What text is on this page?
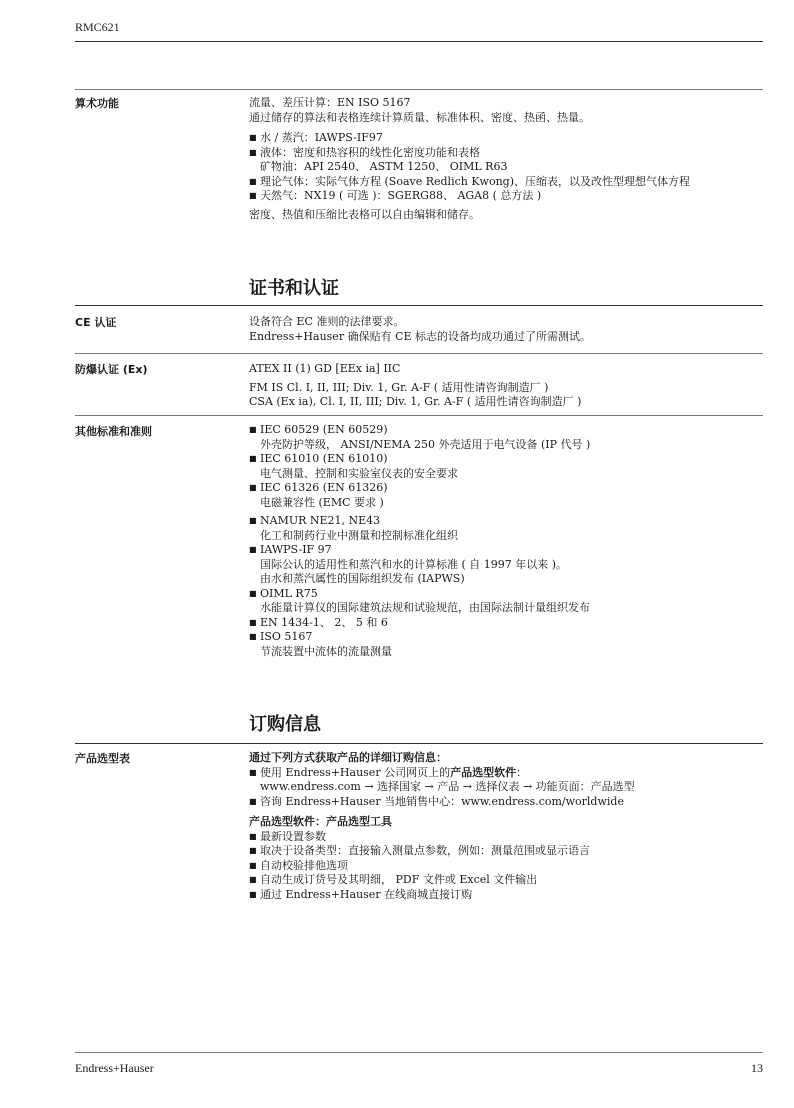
RMC621
算术功能	流量、差压计算：EN ISO 5167

通过储存的算法和表格连续计算质量、标准体积、密度、热函、热量。

■ 水 / 蒸汽：IAWPS-IF97
■ 液体：密度和热容积的线性化密度功能和表格
矿物油：API 2540、 ASTM 1250、 OIML R63
■ 理论气体：实际气体方程 (Soave Redlich Kwong)、压缩表，以及改性型理想气体方程
■ 天然气：NX19 ( 可选 )：SGERG88、 AGA8 ( 总方法 )

密度、热值和压缩比表格可以自由编辑和储存。

证书和认证
CE 认证	设备符合 EC 准则的法律要求。

Endress+Hauser 确保贴有 CE 标志的设备均成功通过了所需测试。

防爆认证 (Ex)	ATEX II (1) GD [EEx ia] IIC

FM IS Cl. I, II, III; Div. 1, Gr. A-F ( 适用性请咨询制造厂 )

CSA (Ex ia), Cl. I, II, III; Div. 1, Gr. A-F ( 适用性请咨询制造厂 )

其他标准和准则
■	IEC 60529 (EN 60529)
外壳防护等级， ANSI/NEMA 250 外壳适用于电气设备 (IP 代号 )
■ IEC 61010 (EN 61010)
电气测量、控制和实验室仪表的安全要求
■ IEC 61326 (EN 61326)
电磁兼容性 (EMC 要求 )
■ NAMUR NE21, NE43
化工和制药行业中测量和控制标准化组织
■ IAWPS-IF 97
国际公认的适用性和蒸汽和水的计算标准 ( 自 1997 年以来 )。
由水和蒸汽属性的国际组织发布 (IAPWS)
■ OIML R75
水能量计算仪的国际建筑法规和试验规范，由国际法制计量组织发布
■ EN 1434-1、 2、 5 和 6
■ ISO 5167
节流装置中流体的流量测量
订购信息
产品选型表	通过下列方式获取产品的详细订购信息：

■ 使用 Endress+Hauser 公司网页上的产品选型软件：
www.endress.com → 选择国家 → 产品 → 选择仪表 → 功能页面：产品选型
■ 咨询 Endress+Hauser 当地销售中心：www.endress.com/worldwide

产品选型软件：产品选型工具

■ 最新设置参数
■ 取决于设备类型：直接输入测量点参数，例如：测量范围或显示语言
■ 自动校验排他选项
■ 自动生成订货号及其明细， PDF 文件或 Excel 文件输出
■ 通过 Endress+Hauser 在线商城直接订购
Endress+Hauser	13
